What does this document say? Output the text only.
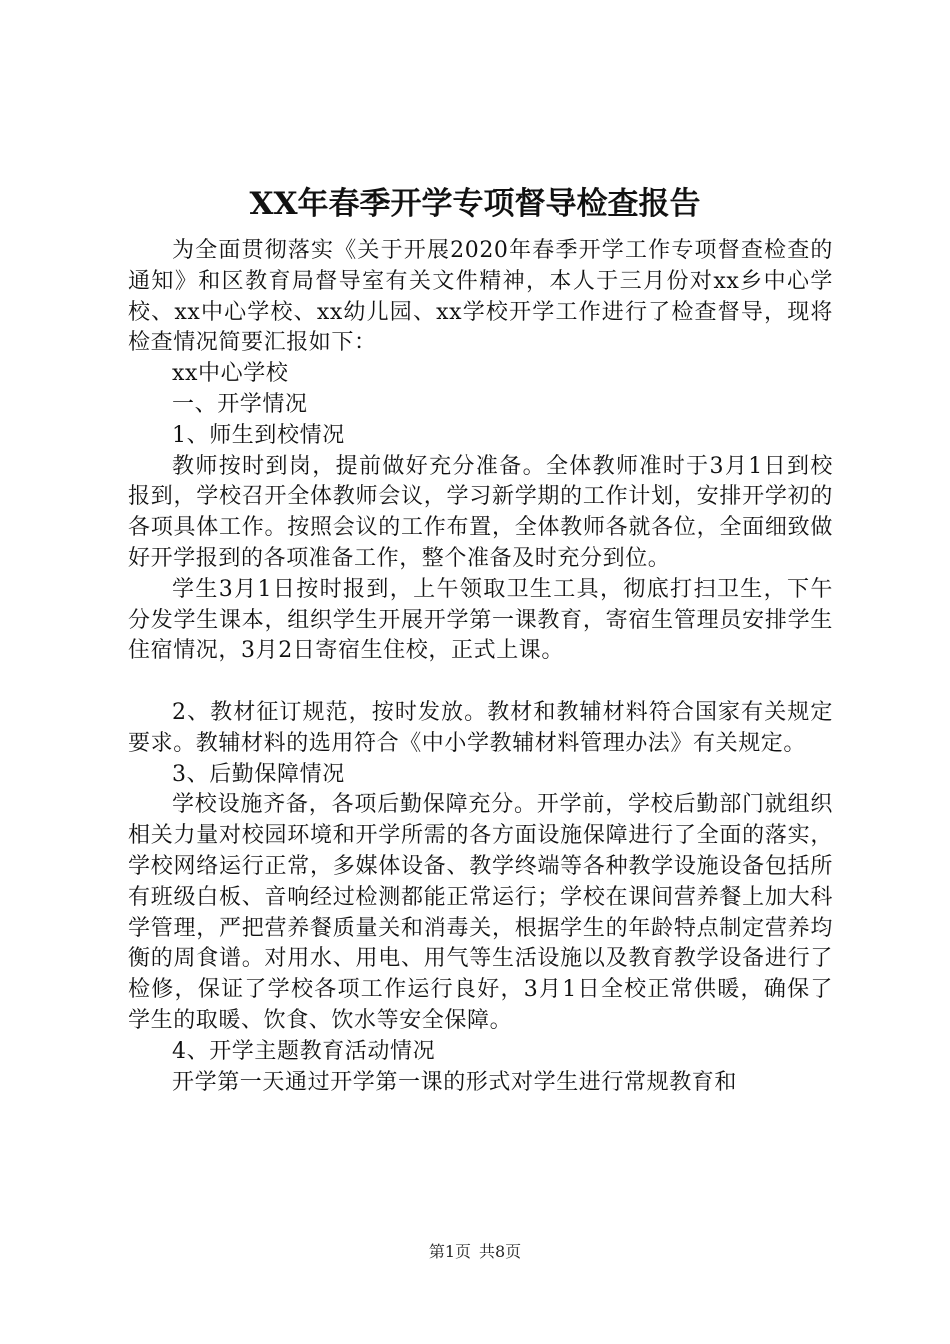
XX年春季开学专项督导检查报告

为全面贯彻落实《关于开展2020年春季开学工作专项督查检查的通知》和区教育局督导室有关文件精神，本人于三月份对xx乡中心学校、xx中心学校、xx幼儿园、xx学校开学工作进行了检查督导，现将检查情况简要汇报如下：

xx中心学校

一、开学情况

1、师生到校情况

教师按时到岗，提前做好充分准备。全体教师准时于3月1日到校报到，学校召开全体教师会议，学习新学期的工作计划，安排开学初的各项具体工作。按照会议的工作布置，全体教师各就各位，全面细致做好开学报到的各项准备工作，整个准备及时充分到位。

学生3月1日按时报到，上午领取卫生工具，彻底打扫卫生，下午分发学生课本，组织学生开展开学第一课教育，寄宿生管理员安排学生住宿情况，3月2日寄宿生住校，正式上课。

2、教材征订规范，按时发放。教材和教辅材料符合国家有关规定要求。教辅材料的选用符合《中小学教辅材料管理办法》有关规定。

3、后勤保障情况

学校设施齐备，各项后勤保障充分。开学前，学校后勤部门就组织相关力量对校园环境和开学所需的各方面设施保障进行了全面的落实，学校网络运行正常，多媒体设备、教学终端等各种教学设施设备包括所有班级白板、音响经过检测都能正常运行；学校在课间营养餐上加大科学管理，严把营养餐质量关和消毒关，根据学生的年龄特点制定营养均衡的周食谱。对用水、用电、用气等生活设施以及教育教学设备进行了检修，保证了学校各项工作运行良好，3月1日全校正常供暖，确保了学生的取暖、饮食、饮水等安全保障。

4、开学主题教育活动情况

开学第一天通过开学第一课的形式对学生进行常规教育和

第1页 共8页
